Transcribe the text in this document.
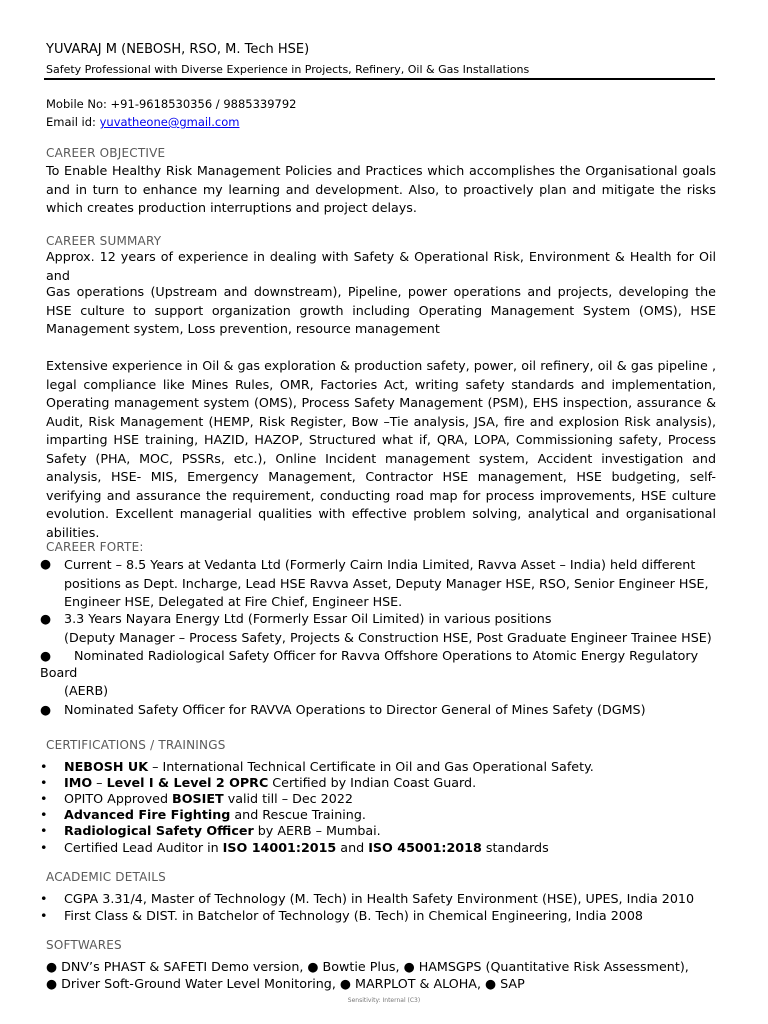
YUVARAJ M (NEBOSH, RSO, M. Tech HSE)
Safety Professional with Diverse Experience in Projects, Refinery, Oil & Gas Installations
Mobile No: +91-9618530356 / 9885339792
Email id: yuvatheone@gmail.com
CAREER OBJECTIVE
To Enable Healthy Risk Management Policies and Practices which accomplishes the Organisational goals and in turn to enhance my learning and development. Also, to proactively plan and mitigate the risks which creates production interruptions and project delays.
CAREER SUMMARY
Approx. 12 years of experience in dealing with Safety & Operational Risk, Environment & Health for Oil and
Gas operations (Upstream and downstream), Pipeline, power operations and projects, developing the HSE culture to support organization growth including Operating Management System (OMS), HSE Management system, Loss prevention, resource management
Extensive experience in Oil & gas exploration & production safety, power, oil refinery, oil & gas pipeline , legal compliance like Mines Rules, OMR, Factories Act, writing safety standards and implementation, Operating management system (OMS), Process Safety Management (PSM), EHS inspection, assurance & Audit, Risk Management (HEMP, Risk Register, Bow –Tie analysis, JSA, fire and explosion Risk analysis), imparting HSE training, HAZID, HAZOP, Structured what if, QRA, LOPA, Commissioning safety, Process Safety (PHA, MOC, PSSRs, etc.), Online Incident management system, Accident investigation and analysis, HSE- MIS, Emergency Management, Contractor HSE management, HSE budgeting, self- verifying and assurance the requirement, conducting road map for process improvements, HSE culture evolution. Excellent managerial qualities with effective problem solving, analytical and organisational abilities.
CAREER FORTE:
● Current – 8.5 Years at Vedanta Ltd (Formerly Cairn India Limited, Ravva Asset – India) held different positions as Dept. Incharge, Lead HSE Ravva Asset, Deputy Manager HSE, RSO, Senior Engineer HSE, Engineer HSE, Delegated at Fire Chief, Engineer HSE.
● 3.3 Years Nayara Energy Ltd (Formerly Essar Oil Limited) in various positions
(Deputy Manager – Process Safety, Projects & Construction HSE, Post Graduate Engineer Trainee HSE)
● Nominated Radiological Safety Officer for Ravva Offshore Operations to Atomic Energy Regulatory
Board
(AERB)
● Nominated Safety Officer for RAVVA Operations to Director General of Mines Safety (DGMS)
CERTIFICATIONS / TRAININGS
• NEBOSH UK – International Technical Certificate in Oil and Gas Operational Safety.
• IMO – Level I & Level 2 OPRC Certified by Indian Coast Guard.
• OPITO Approved BOSIET valid till – Dec 2022
• Advanced Fire Fighting and Rescue Training.
• Radiological Safety Officer by AERB – Mumbai.
• Certified Lead Auditor in ISO 14001:2015 and ISO 45001:2018 standards
ACADEMIC DETAILS
• CGPA 3.31/4, Master of Technology (M. Tech) in Health Safety Environment (HSE), UPES, India 2010
• First Class & DIST. in Batchelor of Technology (B. Tech) in Chemical Engineering, India 2008
SOFTWARES
● DNV’s PHAST & SAFETI Demo version, ● Bowtie Plus, ● HAMSGPS (Quantitative Risk Assessment),
● Driver Soft-Ground Water Level Monitoring, ● MARPLOT & ALOHA, ● SAP
Sensitivity: Internal (C3)
